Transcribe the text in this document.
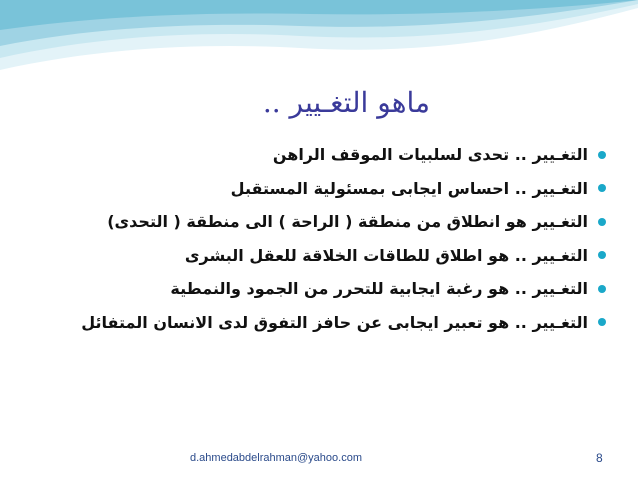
ماهو التغـيير ..
التغـيير .. تحدى لسلبيات الموقف الراهن
التغـيير .. احساس ايجابى بمسئولية المستقبل
التغـيير هو انطلاق من منطقة ( الراحة ) الى منطقة ( التحدى)
التغـيير .. هو اطلاق للطاقات الخلاقة للعقل البشرى
التغـيير .. هو رغبة ايجابية للتحرر من الجمود والنمطية
التغـيير .. هو تعبير ايجابى عن حافز التفوق لدى الانسان المتفائل
d.ahmedabdelrahman@yahoo.com	8
